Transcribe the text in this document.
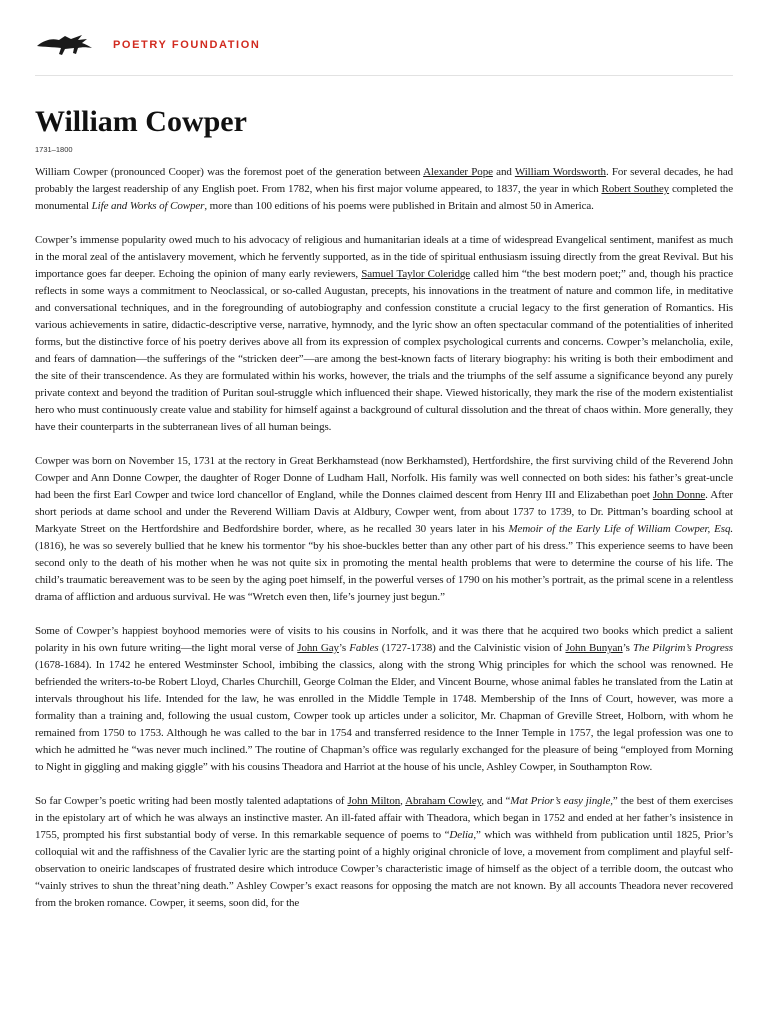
POETRY FOUNDATION
William Cowper
1731–1800

William Cowper (pronounced Cooper) was the foremost poet of the generation between Alexander Pope and William Wordsworth. For several decades, he had probably the largest readership of any English poet. From 1782, when his first major volume appeared, to 1837, the year in which Robert Southey completed the monumental Life and Works of Cowper, more than 100 editions of his poems were published in Britain and almost 50 in America.

Cowper’s immense popularity owed much to his advocacy of religious and humanitarian ideals at a time of widespread Evangelical sentiment, manifest as much in the moral zeal of the antislavery movement, which he fervently supported, as in the tide of spiritual enthusiasm issuing directly from the great Revival. But his importance goes far deeper. Echoing the opinion of many early reviewers, Samuel Taylor Coleridge called him “the best modern poet;” and, though his practice reflects in some ways a commitment to Neoclassical, or so-called Augustan, precepts, his innovations in the treatment of nature and common life, in meditative and conversational techniques, and in the foregrounding of autobiography and confession constitute a crucial legacy to the first generation of Romantics. His various achievements in satire, didactic-descriptive verse, narrative, hymnody, and the lyric show an often spectacular command of the potentialities of inherited forms, but the distinctive force of his poetry derives above all from its expression of complex psychological currents and concerns. Cowper’s melancholia, exile, and fears of damnation—the sufferings of the “stricken deer”—are among the best-known facts of literary biography: his writing is both their embodiment and the site of their transcendence. As they are formulated within his works, however, the trials and the triumphs of the self assume a significance beyond any purely private context and beyond the tradition of Puritan soul-struggle which influenced their shape. Viewed historically, they mark the rise of the modern existentialist hero who must continuously create value and stability for himself against a background of cultural dissolution and the threat of chaos within. More generally, they have their counterparts in the subterranean lives of all human beings.

Cowper was born on November 15, 1731 at the rectory in Great Berkhamstead (now Berkhamsted), Hertfordshire, the first surviving child of the Reverend John Cowper and Ann Donne Cowper, the daughter of Roger Donne of Ludham Hall, Norfolk. His family was well connected on both sides: his father’s great-uncle had been the first Earl Cowper and twice lord chancellor of England, while the Donnes claimed descent from Henry III and Elizabethan poet John Donne. After short periods at dame school and under the Reverend William Davis at Aldbury, Cowper went, from about 1737 to 1739, to Dr. Pittman’s boarding school at Markyate Street on the Hertfordshire and Bedfordshire border, where, as he recalled 30 years later in his Memoir of the Early Life of William Cowper, Esq. (1816), he was so severely bullied that he knew his tormentor “by his shoe-buckles better than any other part of his dress.” This experience seems to have been second only to the death of his mother when he was not quite six in promoting the mental health problems that were to determine the course of his life. The child’s traumatic bereavement was to be seen by the aging poet himself, in the powerful verses of 1790 on his mother’s portrait, as the primal scene in a relentless drama of affliction and arduous survival. He was “Wretch even then, life’s journey just begun.”

Some of Cowper’s happiest boyhood memories were of visits to his cousins in Norfolk, and it was there that he acquired two books which predict a salient polarity in his own future writing—the light moral verse of John Gay’s Fables (1727-1738) and the Calvinistic vision of John Bunyan’s The Pilgrim’s Progress (1678-1684). In 1742 he entered Westminster School, imbibing the classics, along with the strong Whig principles for which the school was renowned. He befriended the writers-to-be Robert Lloyd, Charles Churchill, George Colman the Elder, and Vincent Bourne, whose animal fables he translated from the Latin at intervals throughout his life. Intended for the law, he was enrolled in the Middle Temple in 1748. Membership of the Inns of Court, however, was more a formality than a training and, following the usual custom, Cowper took up articles under a solicitor, Mr. Chapman of Greville Street, Holborn, with whom he remained from 1750 to 1753. Although he was called to the bar in 1754 and transferred residence to the Inner Temple in 1757, the legal profession was one to which he admitted he “was never much inclined.” The routine of Chapman’s office was regularly exchanged for the pleasure of being “employed from Morning to Night in giggling and making giggle” with his cousins Theadora and Harriot at the house of his uncle, Ashley Cowper, in Southampton Row.

So far Cowper’s poetic writing had been mostly talented adaptations of John Milton, Abraham Cowley, and “Mat Prior’s easy jingle,” the best of them exercises in the epistolary art of which he was always an instinctive master. An ill-fated affair with Theadora, which began in 1752 and ended at her father’s insistence in 1755, prompted his first substantial body of verse. In this remarkable sequence of poems to “Delia,” which was withheld from publication until 1825, Prior’s colloquial wit and the raffishness of the Cavalier lyric are the starting point of a highly original chronicle of love, a movement from compliment and playful self-observation to oneiric landscapes of frustrated desire which introduce Cowper’s characteristic image of himself as the object of a terrible doom, the outcast who “vainly strives to shun the threat’ning death.” Ashley Cowper’s exact reasons for opposing the match are not known. By all accounts Theadora never recovered from the broken romance. Cowper, it seems, soon did, for the
